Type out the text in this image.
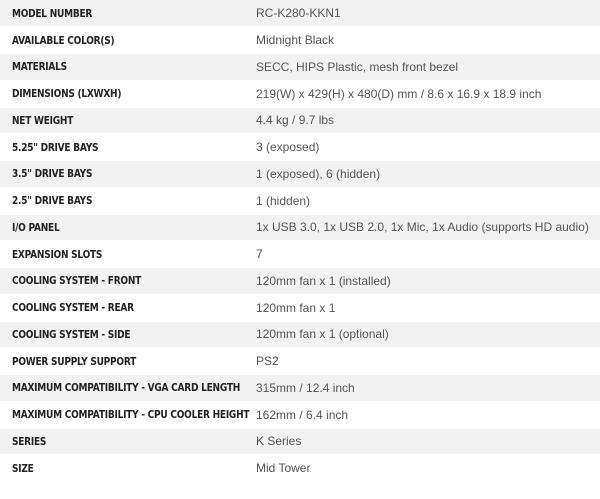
MODEL NUMBER	RC-K280-KKN1
AVAILABLE COLOR(S)	Midnight Black
MATERIALS	SECC, HIPS Plastic, mesh front bezel
DIMENSIONS (LXWXH)	219(W) x 429(H) x 480(D) mm / 8.6 x 16.9 x 18.9 inch
NET WEIGHT	4.4 kg / 9.7 lbs
5.25" DRIVE BAYS	3 (exposed)
3.5" DRIVE BAYS	1 (exposed), 6 (hidden)
2.5" DRIVE BAYS	1 (hidden)
I/O PANEL	1x USB 3.0, 1x USB 2.0, 1x Mic, 1x Audio (supports HD audio)
EXPANSION SLOTS	7
COOLING SYSTEM - FRONT	120mm fan x 1 (installed)
COOLING SYSTEM - REAR	120mm fan x 1
COOLING SYSTEM - SIDE	120mm fan x 1 (optional)
POWER SUPPLY SUPPORT	PS2
MAXIMUM COMPATIBILITY - VGA CARD LENGTH	315mm / 12.4 inch
MAXIMUM COMPATIBILITY - CPU COOLER HEIGHT	162mm / 6.4 inch
SERIES	K Series
SIZE	Mid Tower
